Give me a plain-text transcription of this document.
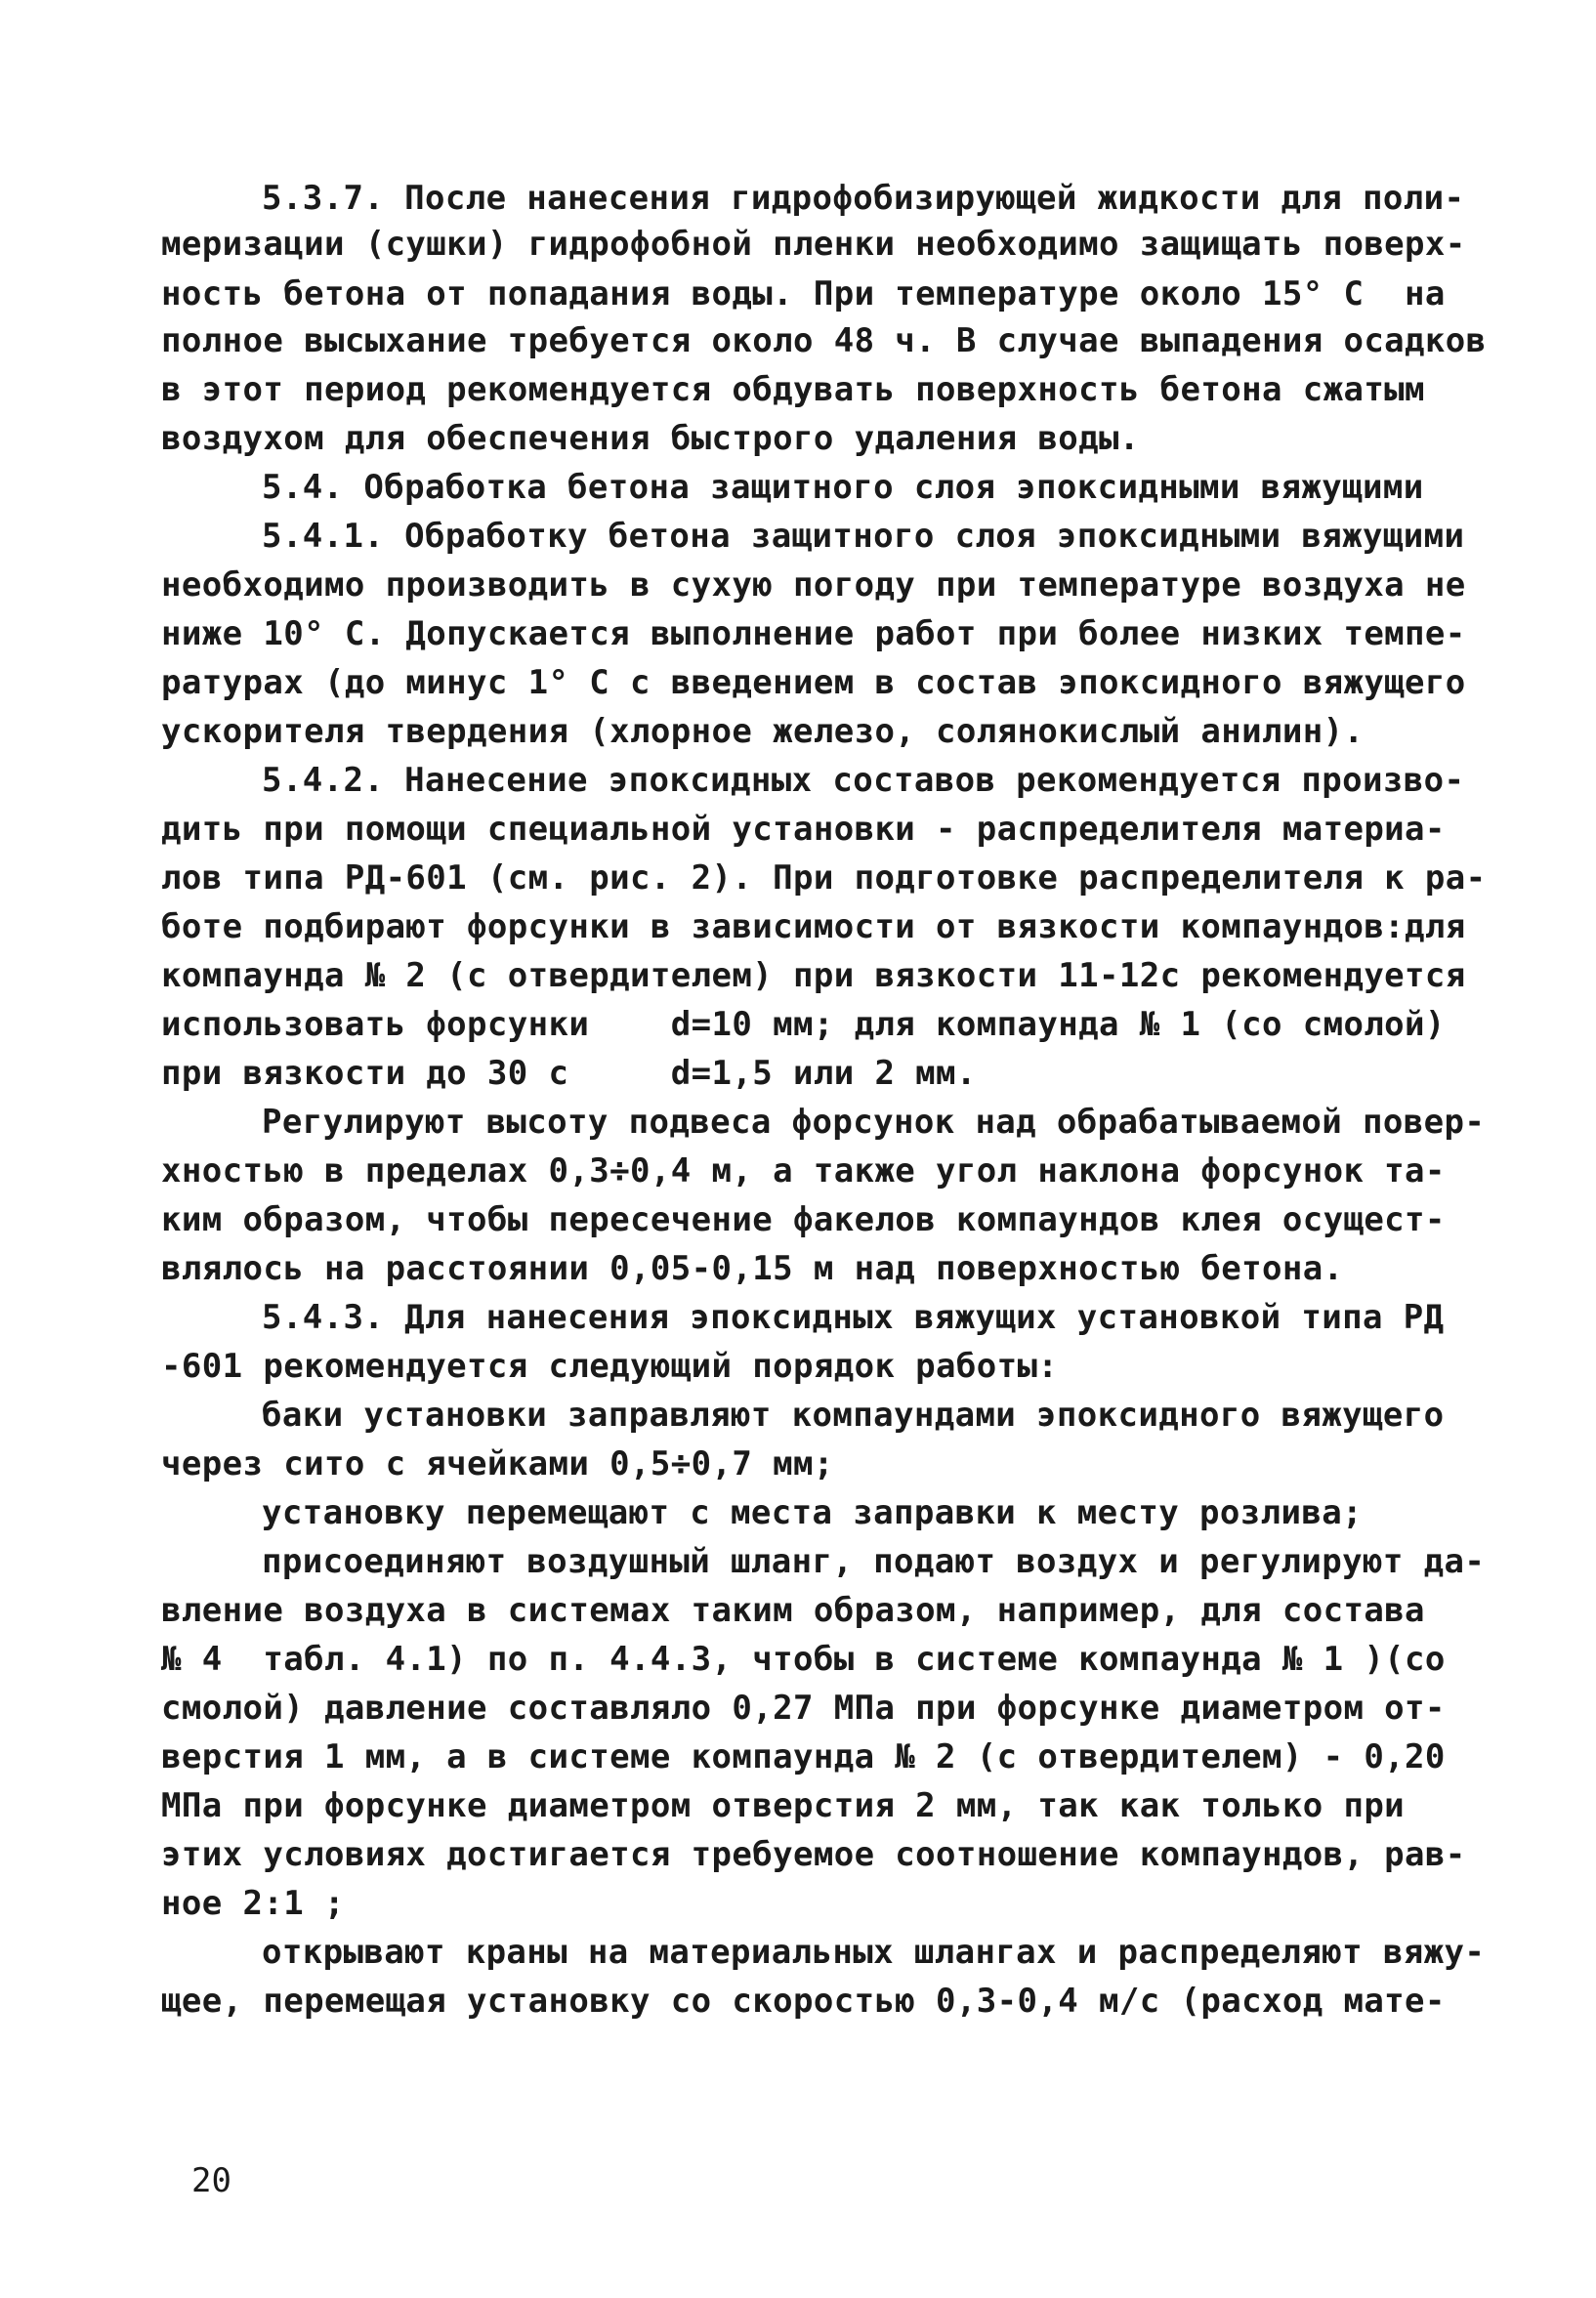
5.3.7. После нанесения гидрофобизирующей жидкости для поли-
меризации (сушки) гидрофобной пленки необходимо защищать поверх-
ность бетона от попадания воды. При температуре около 15° С  на
полное высыхание требуется около 48 ч. В случае выпадения осадков
в этот период рекомендуется обдувать поверхность бетона сжатым
воздухом для обеспечения быстрого удаления воды.
5.4. Обработка бетона защитного слоя эпоксидными вяжущими
5.4.1. Обработку бетона защитного слоя эпоксидными вяжущими
необходимо производить в сухую погоду при температуре воздуха не
ниже 10° С. Допускается выполнение работ при более низких темпе-
ратурах (до минус 1° С с введением в состав эпоксидного вяжущего
ускорителя твердения (хлорное железо, солянокислый анилин).
5.4.2. Нанесение эпоксидных составов рекомендуется произво-
дить при помощи специальной установки - распределителя материа-
лов типа РД-601 (см. рис. 2). При подготовке распределителя к ра-
боте подбирают форсунки в зависимости от вязкости компаундов:для
компаунда № 2 (с отвердителем) при вязкости 11-12с рекомендуется
использовать форсунки    d=10 мм; для компаунда № 1 (со смолой)
при вязкости до 30 с     d=1,5 или 2 мм.
Регулируют высоту подвеса форсунок над обрабатываемой повер-
хностью в пределах 0,3÷0,4 м, а также угол наклона форсунок та-
ким образом, чтобы пересечение факелов компаундов клея осущест-
влялось на расстоянии 0,05-0,15 м над поверхностью бетона.
5.4.3. Для нанесения эпоксидных вяжущих установкой типа РД
-601 рекомендуется следующий порядок работы:
баки установки заправляют компаундами эпоксидного вяжущего
через сито с ячейками 0,5÷0,7 мм;
установку перемещают с места заправки к месту розлива;
присоединяют воздушный шланг, подают воздух и регулируют да-
вление воздуха в системах таким образом, например, для состава
№ 4  табл. 4.1) по п. 4.4.3, чтобы в системе компаунда № 1 )(со
смолой) давление составляло 0,27 МПа при форсунке диаметром от-
верстия 1 мм, а в системе компаунда № 2 (с отвердителем) - 0,20
МПа при форсунке диаметром отверстия 2 мм, так как только при
этих условиях достигается требуемое соотношение компаундов, рав-
ное 2:1 ;
открывают краны на материальных шлангах и распределяют вяжу-
щее, перемещая установку со скоростью 0,3-0,4 м/с (расход мате-
20
